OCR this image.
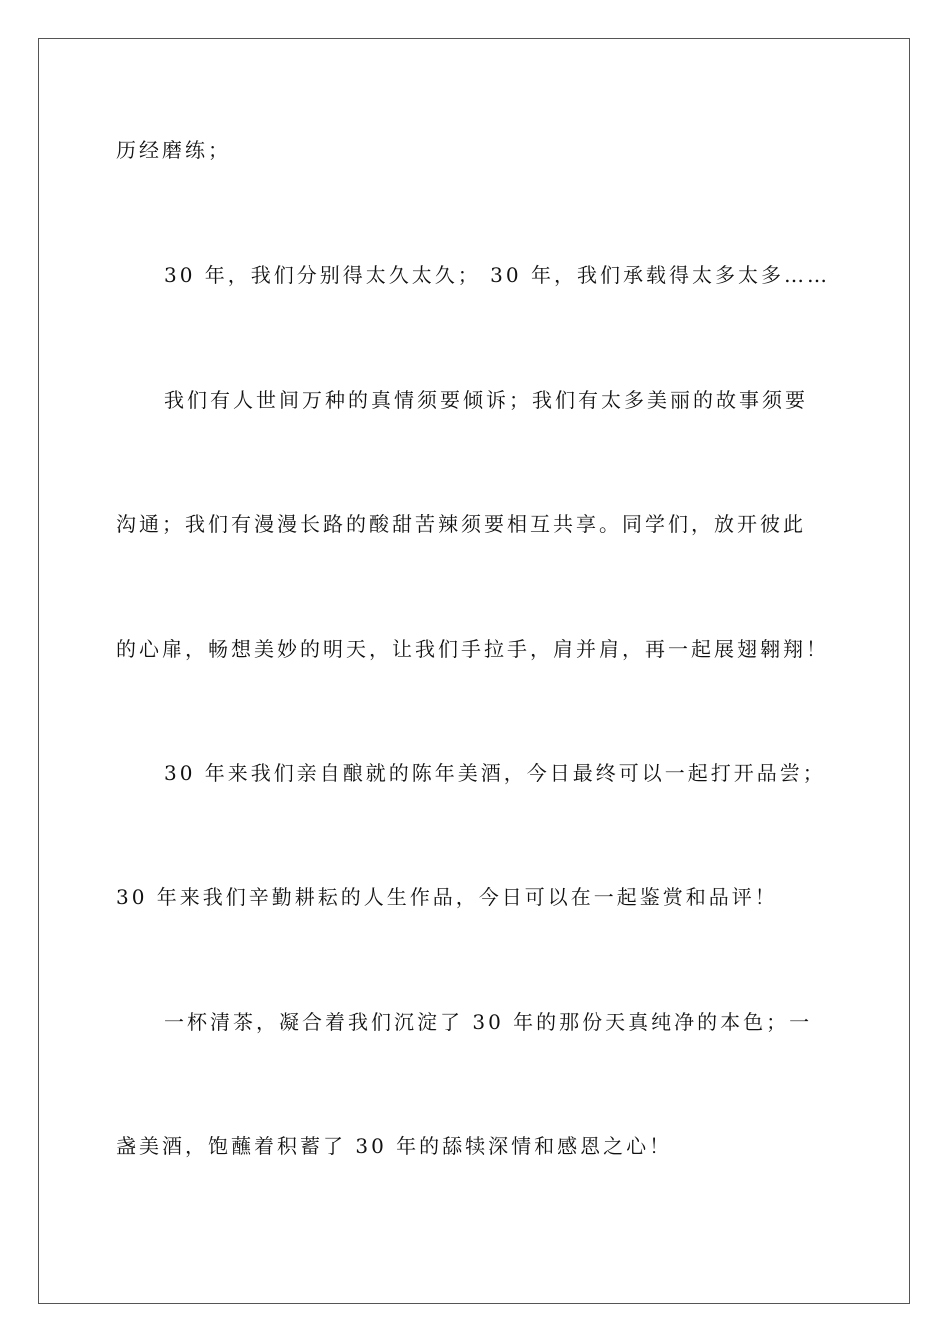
历经磨练；
30 年，我们分别得太久太久； 30 年，我们承载得太多太多……
我们有人世间万种的真情须要倾诉；我们有太多美丽的故事须要
沟通；我们有漫漫长路的酸甜苦辣须要相互共享。同学们，放开彼此
的心扉，畅想美妙的明天，让我们手拉手，肩并肩，再一起展翅翱翔！
30 年来我们亲自酿就的陈年美酒，今日最终可以一起打开品尝；
30 年来我们辛勤耕耘的人生作品，今日可以在一起鉴赏和品评！
一杯清茶，凝合着我们沉淀了 30 年的那份天真纯净的本色；一
盏美酒，饱蘸着积蓄了 30 年的舔犊深情和感恩之心！
